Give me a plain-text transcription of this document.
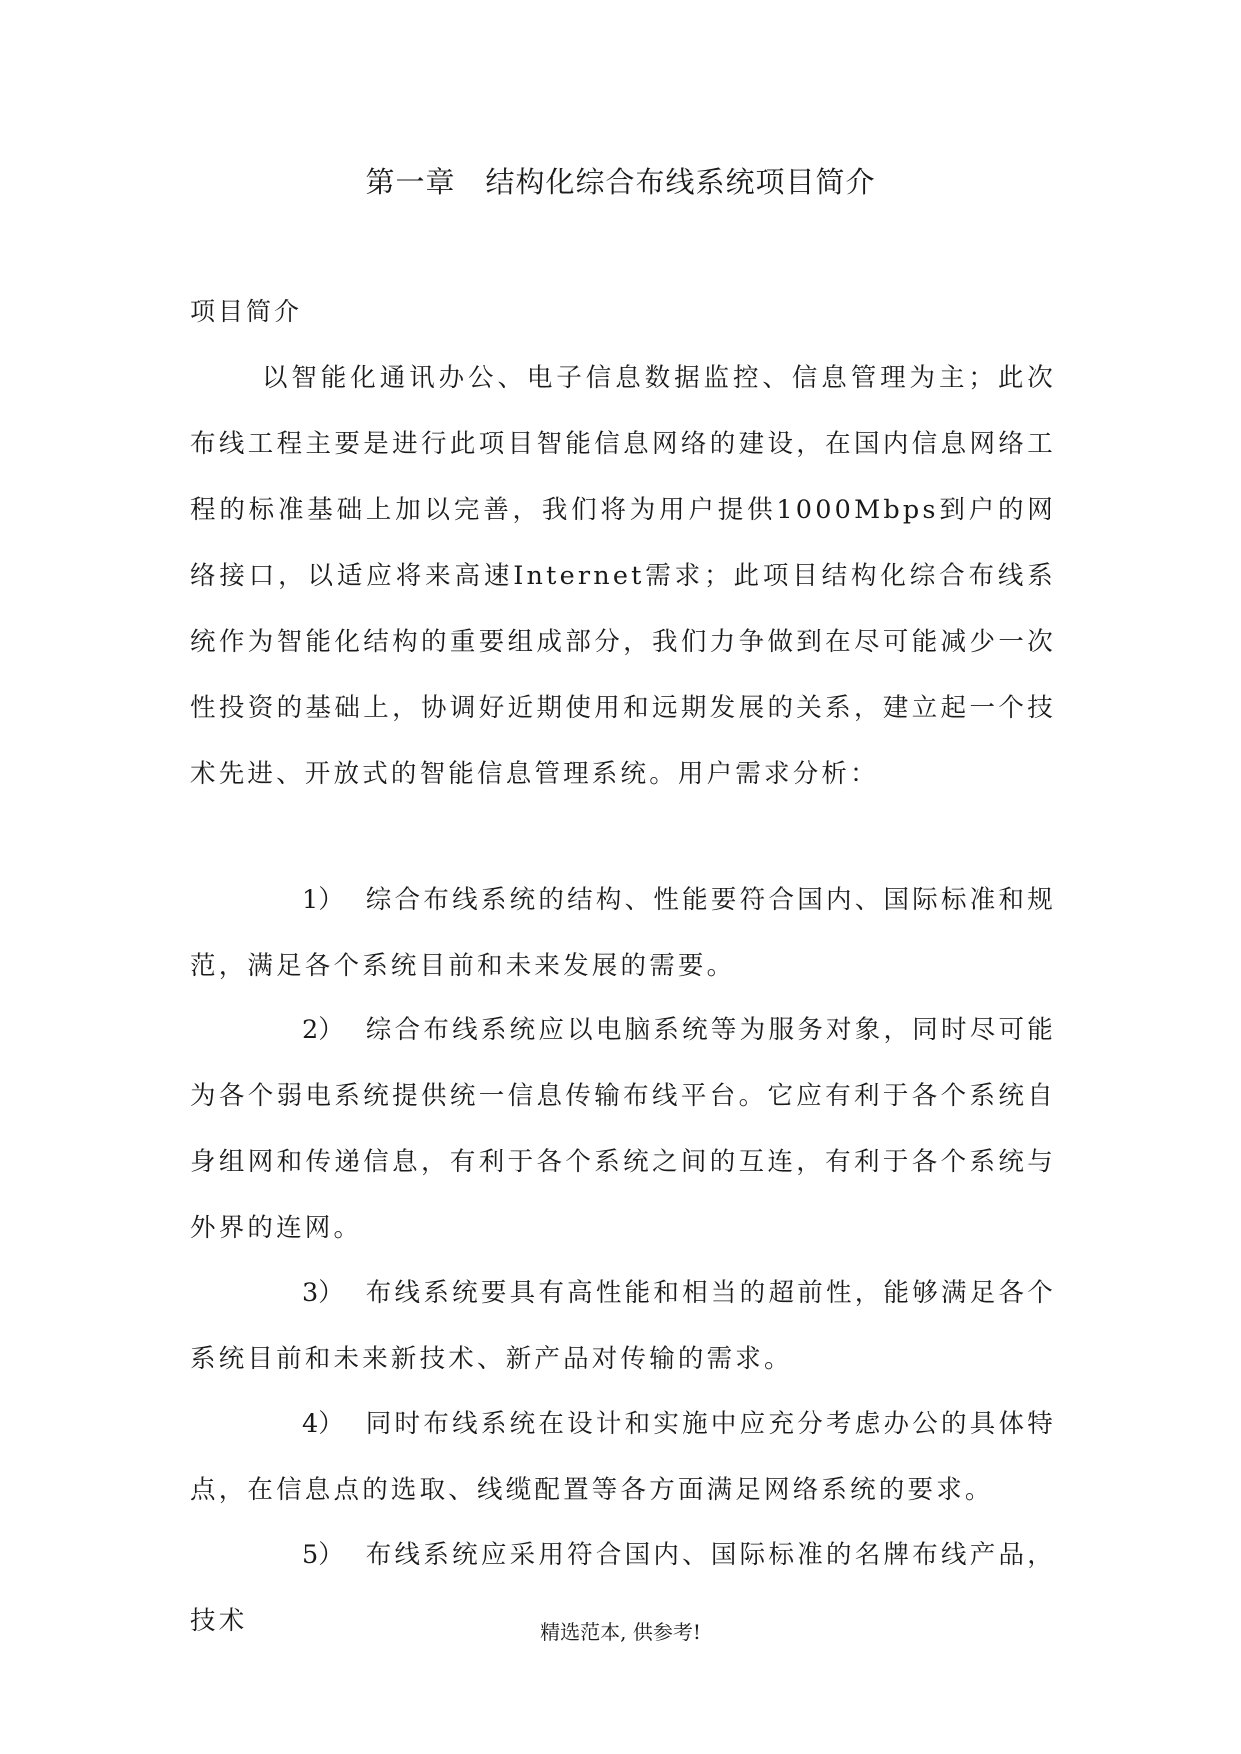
第一章　结构化综合布线系统项目简介
项目简介

以智能化通讯办公、电子信息数据监控、信息管理为主；此次布线工程主要是进行此项目智能信息网络的建设，在国内信息网络工程的标准基础上加以完善，我们将为用户提供1000Mbps到户的网络接口，以适应将来高速Internet需求；此项目结构化综合布线系统作为智能化结构的重要组成部分，我们力争做到在尽可能减少一次性投资的基础上，协调好近期使用和远期发展的关系，建立起一个技术先进、开放式的智能信息管理系统。用户需求分析：

1） 综合布线系统的结构、性能要符合国内、国际标准和规范，满足各个系统目前和未来发展的需要。

2） 综合布线系统应以电脑系统等为服务对象，同时尽可能为各个弱电系统提供统一信息传输布线平台。它应有利于各个系统自身组网和传递信息，有利于各个系统之间的互连，有利于各个系统与外界的连网。

3） 布线系统要具有高性能和相当的超前性，能够满足各个系统目前和未来新技术、新产品对传输的需求。

4） 同时布线系统在设计和实施中应充分考虑办公的具体特点，在信息点的选取、线缆配置等各方面满足网络系统的要求。

5） 布线系统应采用符合国内、国际标准的名牌布线产品，技术	精选范本, 供参考!
